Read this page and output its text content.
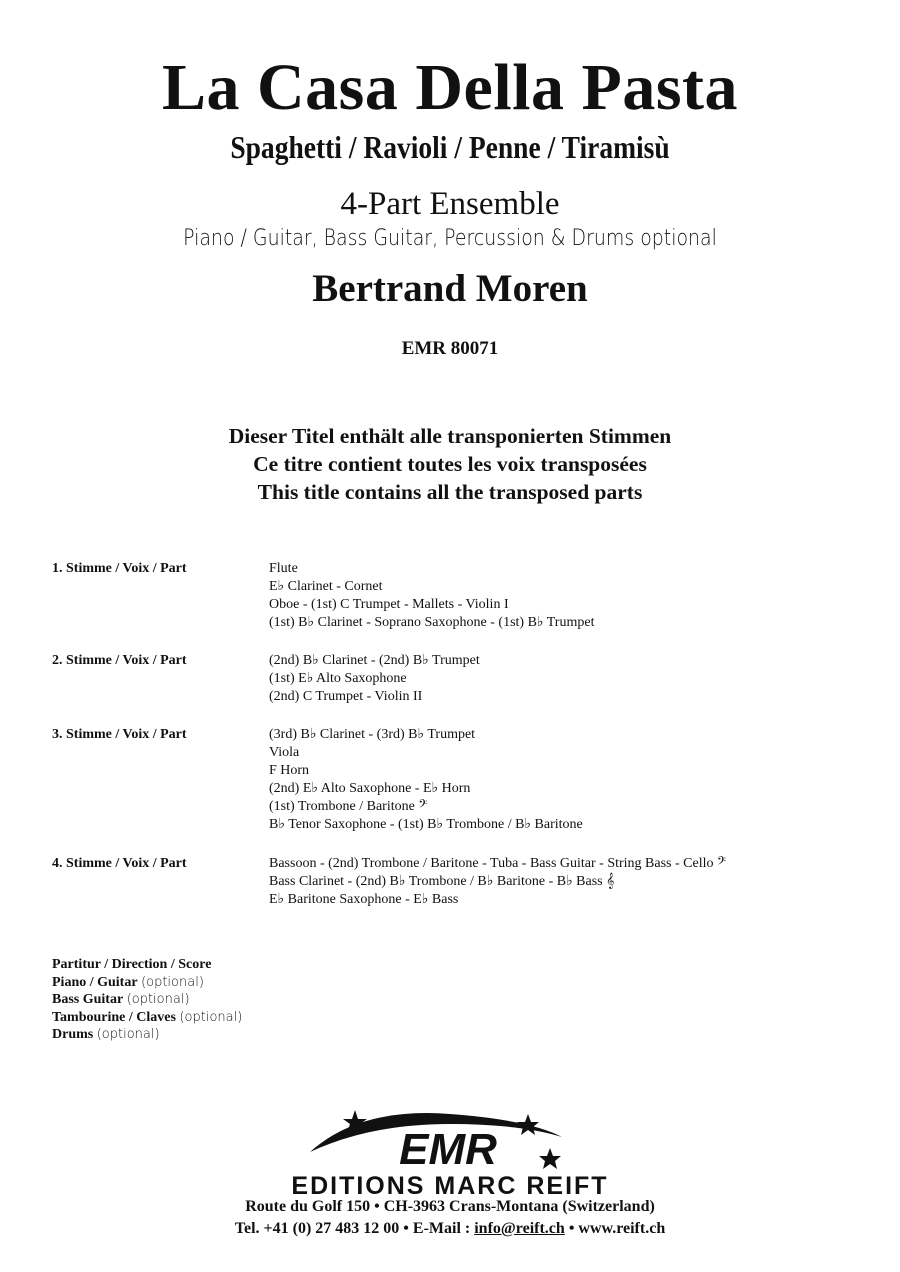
La Casa Della Pasta
Spaghetti / Ravioli / Penne / Tiramisù
4-Part Ensemble
Piano / Guitar, Bass Guitar, Percussion & Drums optional
Bertrand Moren
EMR 80071
Dieser Titel enthält alle transponierten Stimmen
Ce titre contient toutes les voix transposées
This title contains all the transposed parts
1. Stimme / Voix / Part	Flute
E♭ Clarinet - Cornet
Oboe - (1st) C Trumpet - Mallets - Violin I
(1st) B♭ Clarinet - Soprano Saxophone - (1st) B♭ Trumpet
2. Stimme / Voix / Part	(2nd) B♭ Clarinet - (2nd) B♭ Trumpet
(1st) E♭ Alto Saxophone
(2nd) C Trumpet - Violin II
3. Stimme / Voix / Part	(3rd) B♭ Clarinet - (3rd) B♭ Trumpet
Viola
F Horn
(2nd) E♭ Alto Saxophone - E♭ Horn
(1st) Trombone / Baritone 𝄢
B♭ Tenor Saxophone - (1st) B♭ Trombone / B♭ Baritone
4. Stimme / Voix / Part	Bassoon - (2nd) Trombone / Baritone - Tuba - Bass Guitar - String Bass - Cello 𝄢
Bass Clarinet - (2nd) B♭ Trombone / B♭ Baritone - B♭ Bass 𝄞
E♭ Baritone Saxophone - E♭ Bass
Partitur / Direction / Score
Piano / Guitar (optional)
Bass Guitar (optional)
Tambourine / Claves (optional)
Drums (optional)
EMR
EDITIONS MARC REIFT
Route du Golf 150 • CH-3963 Crans-Montana (Switzerland)
Tel. +41 (0) 27 483 12 00 • E-Mail : info@reift.ch • www.reift.ch
